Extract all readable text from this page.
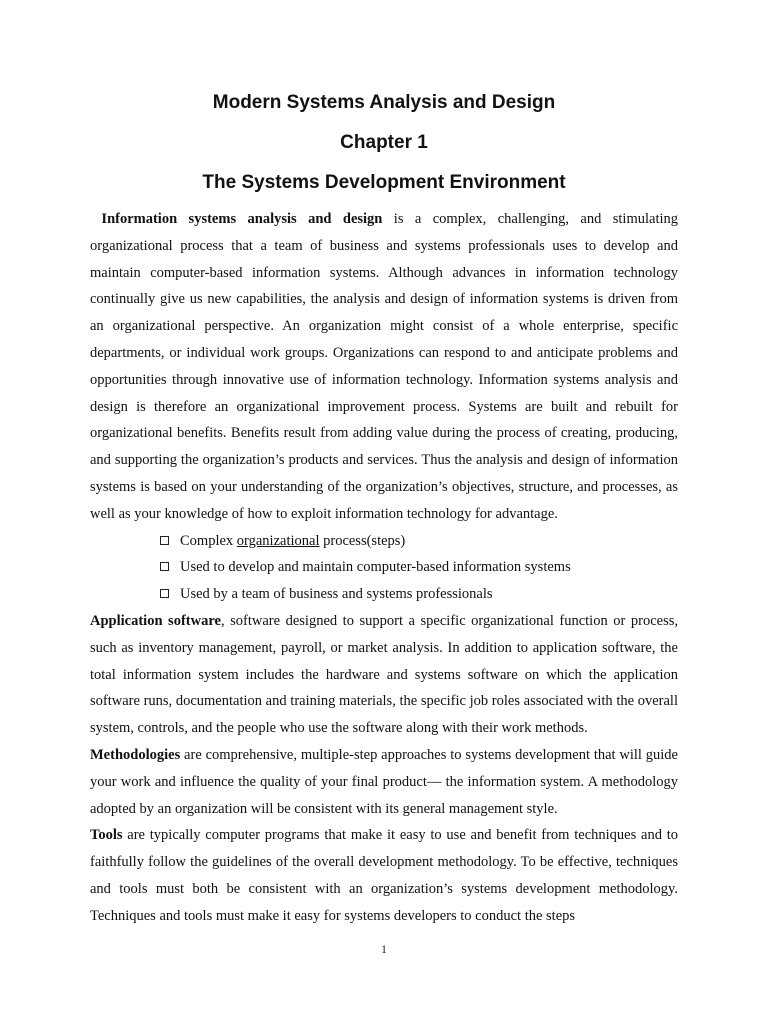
Modern Systems Analysis and Design
Chapter 1
The Systems Development Environment

Information systems analysis and design is a complex, challenging, and stimulating organizational process that a team of business and systems professionals uses to develop and maintain computer-based information systems. Although advances in information technology continually give us new capabilities, the analysis and design of information systems is driven from an organizational perspective. An organization might consist of a whole enterprise, specific departments, or individual work groups. Organizations can respond to and anticipate problems and opportunities through innovative use of information technology. Information systems analysis and design is therefore an organizational improvement process. Systems are built and rebuilt for organizational benefits. Benefits result from adding value during the process of creating, producing, and supporting the organization’s products and services. Thus the analysis and design of information systems is based on your understanding of the organization’s objectives, structure, and processes, as well as your knowledge of how to exploit information technology for advantage.

Complex organizational process(steps)
Used to develop and maintain computer-based information systems
Used by a team of business and systems professionals

Application software, software designed to support a specific organizational function or process, such as inventory management, payroll, or market analysis. In addition to application software, the total information system includes the hardware and systems software on which the application software runs, documentation and training materials, the specific job roles associated with the overall system, controls, and the people who use the software along with their work methods.

Methodologies are comprehensive, multiple-step approaches to systems development that will guide your work and influence the quality of your final product— the information system. A methodology adopted by an organization will be consistent with its general management style.

Tools are typically computer programs that make it easy to use and benefit from techniques and to faithfully follow the guidelines of the overall development methodology. To be effective, techniques and tools must both be consistent with an organization’s systems development methodology. Techniques and tools must make it easy for systems developers to conduct the steps

1
